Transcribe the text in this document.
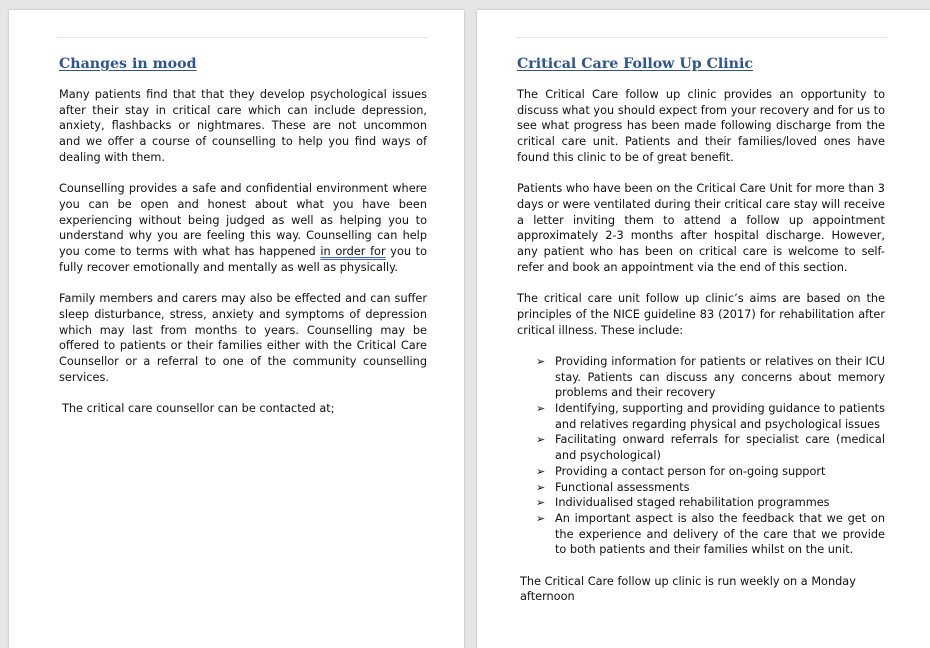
Changes in mood

Many patients find that that they develop psychological issues after their stay in critical care which can include depression, anxiety, flashbacks or nightmares. These are not uncommon and we offer a course of counselling to help you find ways of dealing with them.

Counselling provides a safe and confidential environment where you can be open and honest about what you have been experiencing without being judged as well as helping you to understand why you are feeling this way. Counselling can help you come to terms with what has happened in order for you to fully recover emotionally and mentally as well as physically.

Family members and carers may also be effected and can suffer sleep disturbance, stress, anxiety and symptoms of depression which may last from months to years. Counselling may be offered to patients or their families either with the Critical Care Counsellor or a referral to one of the community counselling services.

The critical care counsellor can be contacted at;

Critical Care Follow Up Clinic

The Critical Care follow up clinic provides an opportunity to discuss what you should expect from your recovery and for us to see what progress has been made following discharge from the critical care unit. Patients and their families/loved ones have found this clinic to be of great benefit.

Patients who have been on the Critical Care Unit for more than 3 days or were ventilated during their critical care stay will receive a letter inviting them to attend a follow up appointment approximately 2-3 months after hospital discharge. However, any patient who has been on critical care is welcome to self-refer and book an appointment via the end of this section.

The critical care unit follow up clinic’s aims are based on the principles of the NICE guideline 83 (2017) for rehabilitation after critical illness. These include:

➢ Providing information for patients or relatives on their ICU stay. Patients can discuss any concerns about memory problems and their recovery
➢ Identifying, supporting and providing guidance to patients and relatives regarding physical and psychological issues
➢ Facilitating onward referrals for specialist care (medical and psychological)
➢ Providing a contact person for on-going support
➢ Functional assessments
➢ Individualised staged rehabilitation programmes
➢ An important aspect is also the feedback that we get on the experience and delivery of the care that we provide to both patients and their families whilst on the unit.

The Critical Care follow up clinic is run weekly on a Monday afternoon
